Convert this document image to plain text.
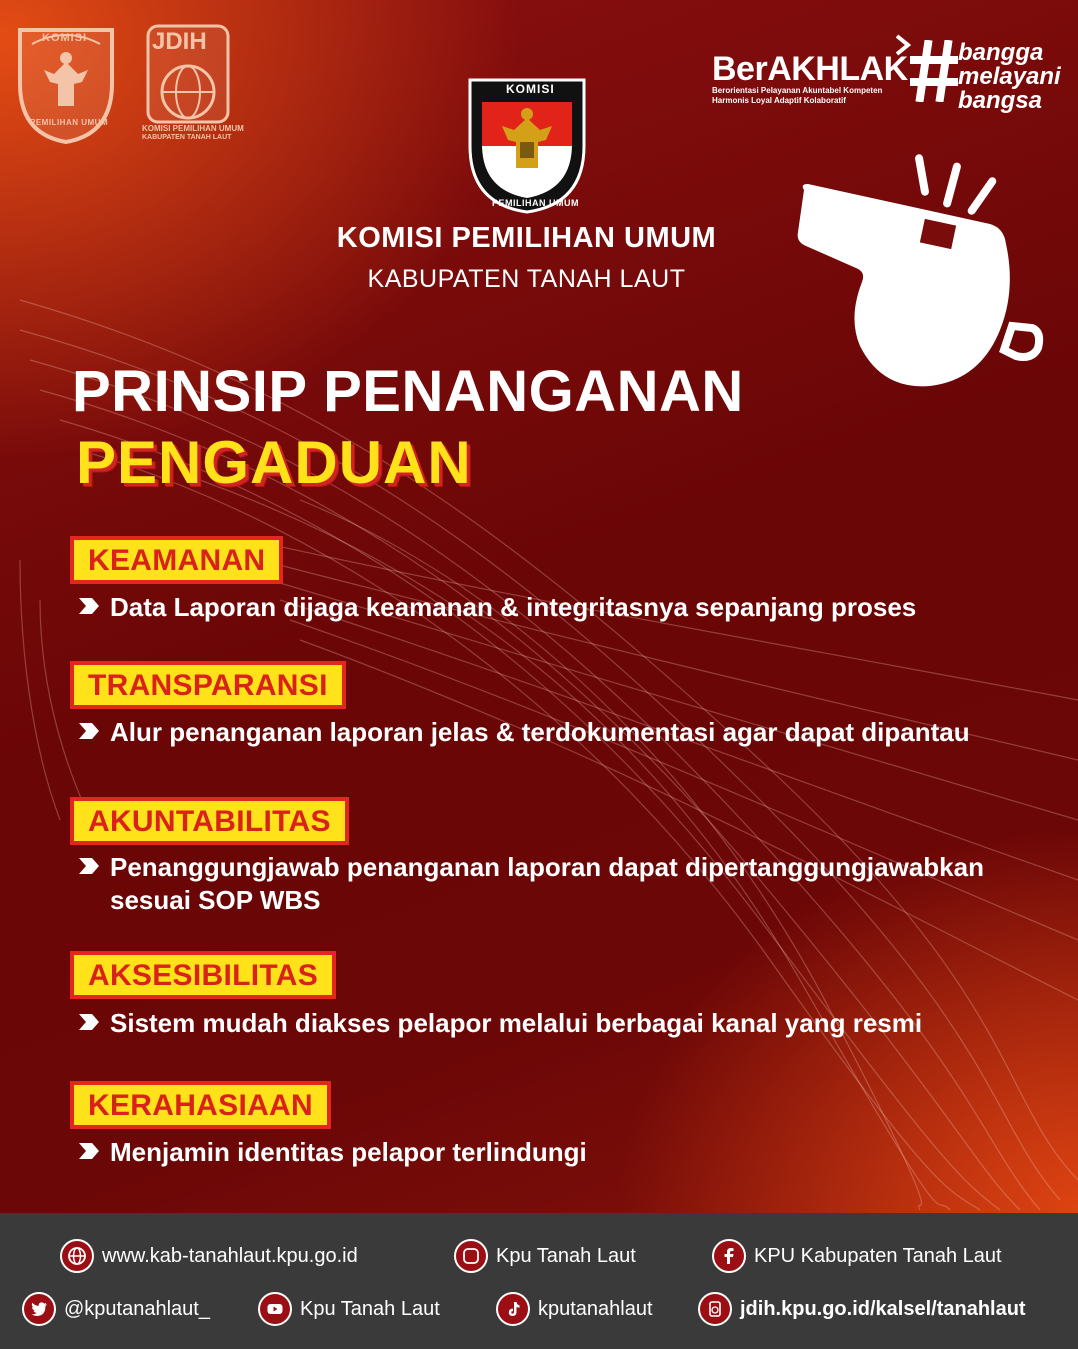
KOMISI
PEMILIHAN UMUM
JDIH
KOMISI PEMILIHAN UMUM
KABUPATEN TANAH LAUT
KOMISI
PEMILIHAN UMUM
BerAKHLAK
Berorientasi Pelayanan Akuntabel Kompeten
Harmonis Loyal Adaptif Kolaboratif
bangga
melayani
bangsa
KOMISI PEMILIHAN UMUM
KABUPATEN TANAH LAUT
PRINSIP PENANGANAN
PENGADUAN
KEAMANAN
Data Laporan dijaga keamanan & integritasnya sepanjang proses
TRANSPARANSI
Alur penanganan laporan jelas & terdokumentasi agar dapat dipantau
AKUNTABILITAS
Penanggungjawab penanganan laporan dapat dipertanggungjawabkan
sesuai SOP WBS
AKSESIBILITAS
Sistem mudah diakses pelapor melalui berbagai kanal yang resmi
KERAHASIAAN
Menjamin identitas pelapor terlindungi
www.kab-tanahlaut.kpu.go.id	Kpu Tanah Laut	KPU Kabupaten Tanah Laut
@kputanahlaut_	Kpu Tanah Laut	kputanahlaut	jdih.kpu.go.id/kalsel/tanahlaut
